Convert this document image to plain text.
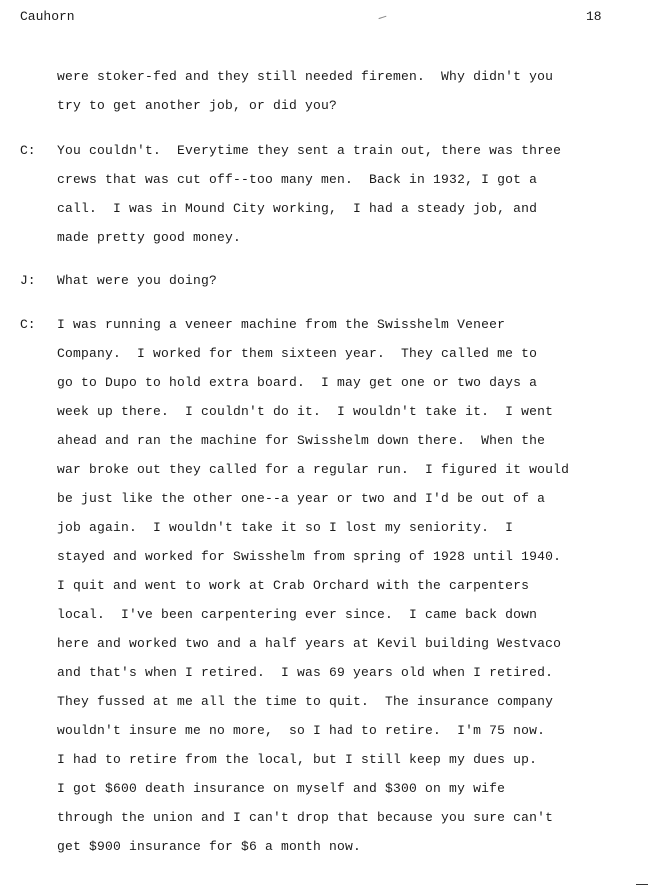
Cauhorn	18
were stoker-fed and they still needed firemen.  Why didn't you
try to get another job, or did you?
C: You couldn't.  Everytime they sent a train out, there was three
crews that was cut off--too many men.  Back in 1932, I got a
call.  I was in Mound City working,  I had a steady job, and
made pretty good money.
J: What were you doing?
C: I was running a veneer machine from the Swisshelm Veneer
Company.  I worked for them sixteen year.  They called me to
go to Dupo to hold extra board.  I may get one or two days a
week up there.  I couldn't do it.  I wouldn't take it.  I went
ahead and ran the machine for Swisshelm down there.  When the
war broke out they called for a regular run.  I figured it would
be just like the other one--a year or two and I'd be out of a
job again.  I wouldn't take it so I lost my seniority.  I
stayed and worked for Swisshelm from spring of 1928 until 1940.
I quit and went to work at Crab Orchard with the carpenters
local.  I've been carpentering ever since.  I came back down
here and worked two and a half years at Kevil building Westvaco
and that's when I retired.  I was 69 years old when I retired.
They fussed at me all the time to quit.  The insurance company
wouldn't insure me no more,  so I had to retire.  I'm 75 now.
I had to retire from the local, but I still keep my dues up.
I got $600 death insurance on myself and $300 on my wife
through the union and I can't drop that because you sure can't
get $900 insurance for $6 a month now.
